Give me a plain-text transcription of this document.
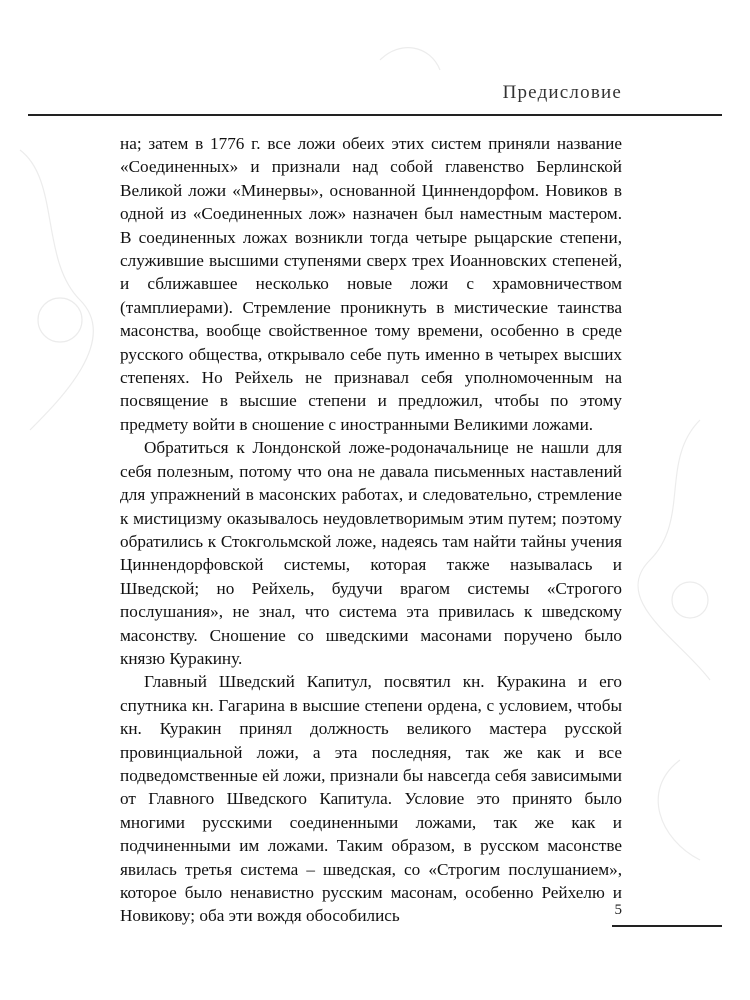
Предисловие

на; затем в 1776 г. все ложи обеих этих систем приняли название «Соединенных» и признали над собой главенство Берлинской Великой ложи «Минервы», основанной Циннендорфом. Новиков в одной из «Соединенных лож» назначен был наместным мастером. В соединенных ложах возникли тогда четыре рыцарские степени, служившие высшими ступенями сверх трех Иоанновских степеней, и сближавшее несколько новые ложи с храмовничеством (тамплиерами). Стремление проникнуть в мистические таинства масонства, вообще свойственное тому времени, особенно в среде русского общества, открывало себе путь именно в четырех высших степенях. Но Рейхель не признавал себя уполномоченным на посвящение в высшие степени и предложил, чтобы по этому предмету войти в сношение с иностранными Великими ложами.

Обратиться к Лондонской ложе-родоначальнице не нашли для себя полезным, потому что она не давала письменных наставлений для упражнений в масонских работах, и следовательно, стремление к мистицизму оказывалось неудовлетворимым этим путем; поэтому обратились к Стокгольмской ложе, надеясь там найти тайны учения Циннендорфовской системы, которая также называлась и Шведской; но Рейхель, будучи врагом системы «Строгого послушания», не знал, что система эта привилась к шведскому масонству. Сношение со шведскими масонами поручено было князю Куракину.

Главный Шведский Капитул, посвятил кн. Куракина и его спутника кн. Гагарина в высшие степени ордена, с условием, чтобы кн. Куракин принял должность великого мастера русской провинциальной ложи, а эта последняя, так же как и все подведомственные ей ложи, признали бы навсегда себя зависимыми от Главного Шведского Капитула. Условие это принято было многими русскими соединенными ложами, так же как и подчиненными им ложами. Таким образом, в русском масонстве явилась третья система – шведская, со «Строгим послушанием», которое было ненавистно русским масонам, особенно Рейхелю и Новикову; оба эти вождя обособились	5
